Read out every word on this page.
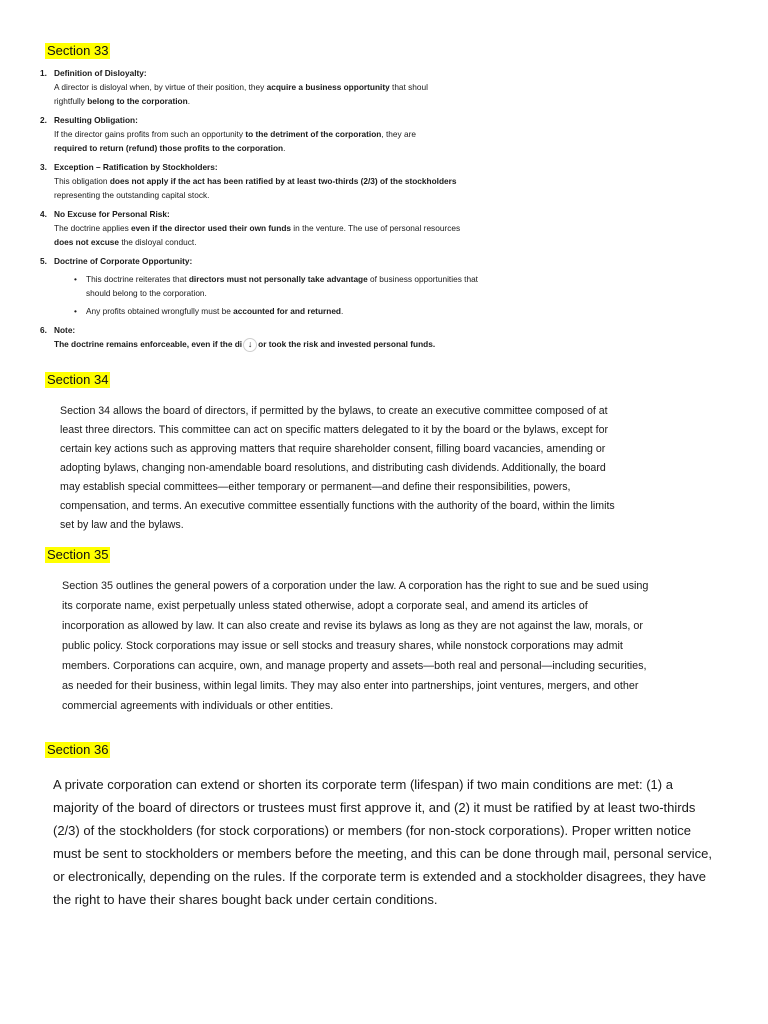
Section 33
1. Definition of Disloyalty:
A director is disloyal when, by virtue of their position, they acquire a business opportunity that shoul
rightfully belong to the corporation.
2. Resulting Obligation:
If the director gains profits from such an opportunity to the detriment of the corporation, they are
required to return (refund) those profits to the corporation.
3. Exception – Ratification by Stockholders:
This obligation does not apply if the act has been ratified by at least two-thirds (2/3) of the stockholders representing the outstanding capital stock.
4. No Excuse for Personal Risk:
The doctrine applies even if the director used their own funds in the venture. The use of personal resources does not excuse the disloyal conduct.
5. Doctrine of Corporate Opportunity:
• This doctrine reiterates that directors must not personally take advantage of business opportunities that should belong to the corporation.
• Any profits obtained wrongfully must be accounted for and returned.
6. Note:
The doctrine remains enforceable, even if the di ↓ or took the risk and invested personal funds.
Section 34

Section 34 allows the board of directors, if permitted by the bylaws, to create an executive committee composed of at least three directors. This committee can act on specific matters delegated to it by the board or the bylaws, except for certain key actions such as approving matters that require shareholder consent, filling board vacancies, amending or adopting bylaws, changing non-amendable board resolutions, and distributing cash dividends. Additionally, the board may establish special committees—either temporary or permanent—and define their responsibilities, powers, compensation, and terms. An executive committee essentially functions with the authority of the board, within the limits set by law and the bylaws.

Section 35

Section 35 outlines the general powers of a corporation under the law. A corporation has the right to sue and be sued using its corporate name, exist perpetually unless stated otherwise, adopt a corporate seal, and amend its articles of incorporation as allowed by law. It can also create and revise its bylaws as long as they are not against the law, morals, or public policy. Stock corporations may issue or sell stocks and treasury shares, while nonstock corporations may admit members. Corporations can acquire, own, and manage property and assets—both real and personal—including securities, as needed for their business, within legal limits. They may also enter into partnerships, joint ventures, mergers, and other commercial agreements with individuals or other entities.

Section 36

A private corporation can extend or shorten its corporate term (lifespan) if two main conditions are met: (1) a majority of the board of directors or trustees must first approve it, and (2) it must be ratified by at least two-thirds (2/3) of the stockholders (for stock corporations) or members (for non-stock corporations). Proper written notice must be sent to stockholders or members before the meeting, and this can be done through mail, personal service, or electronically, depending on the rules. If the corporate term is extended and a stockholder disagrees, they have the right to have their shares bought back under certain conditions.
